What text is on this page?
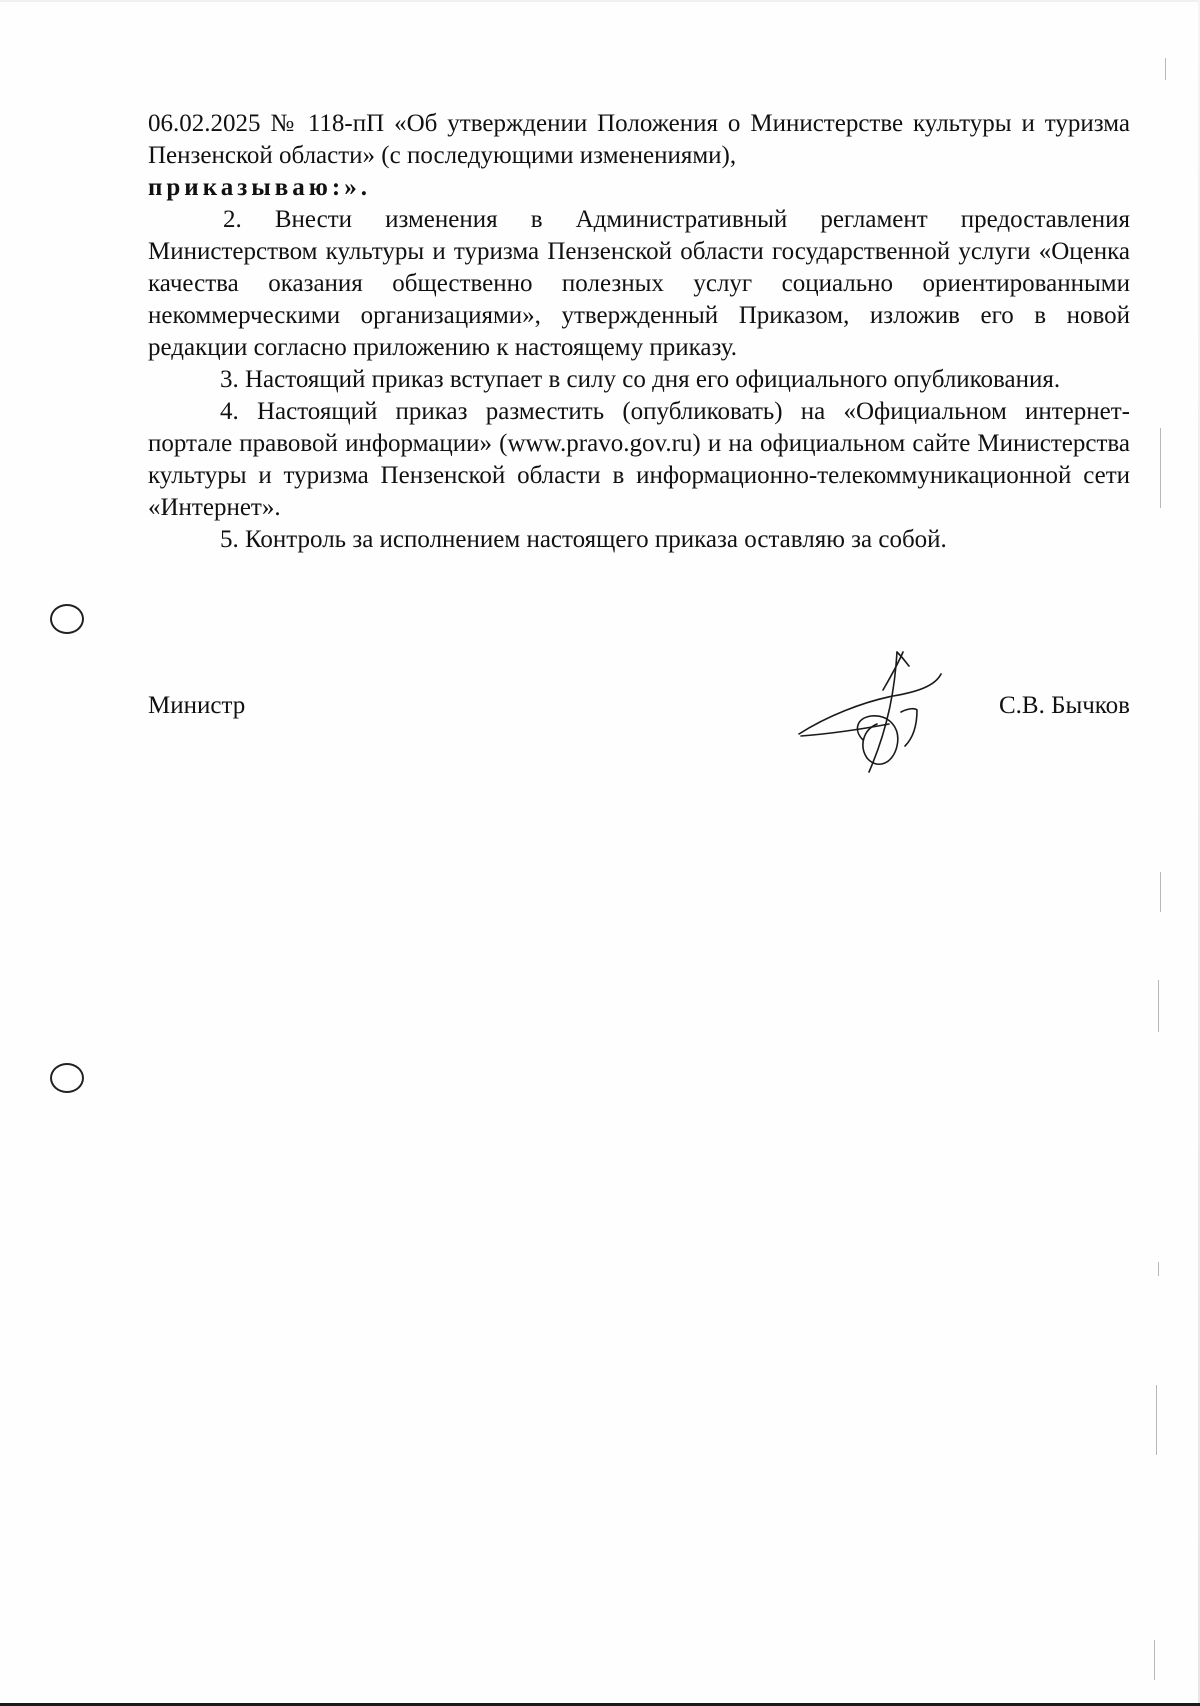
06.02.2025 № 118-пП «Об утверждении Положения о Министерстве культуры и туризма Пензенской области» (с последующими изменениями),
приказываю:».

2. Внести изменения в Административный регламент предоставления Министерством культуры и туризма Пензенской области государственной услуги «Оценка качества оказания общественно полезных услуг социально ориентированными некоммерческими организациями», утвержденный Приказом, изложив его в новой редакции согласно приложению к настоящему приказу.

3. Настоящий приказ вступает в силу со дня его официального опубликования.

4. Настоящий приказ разместить (опубликовать) на «Официальном интернет-портале правовой информации» (www.pravo.gov.ru) и на официальном сайте Министерства культуры и туризма Пензенской области в информационно-телекоммуникационной сети «Интернет».

5. Контроль за исполнением настоящего приказа оставляю за собой.

Министр	С.В. Бычков
